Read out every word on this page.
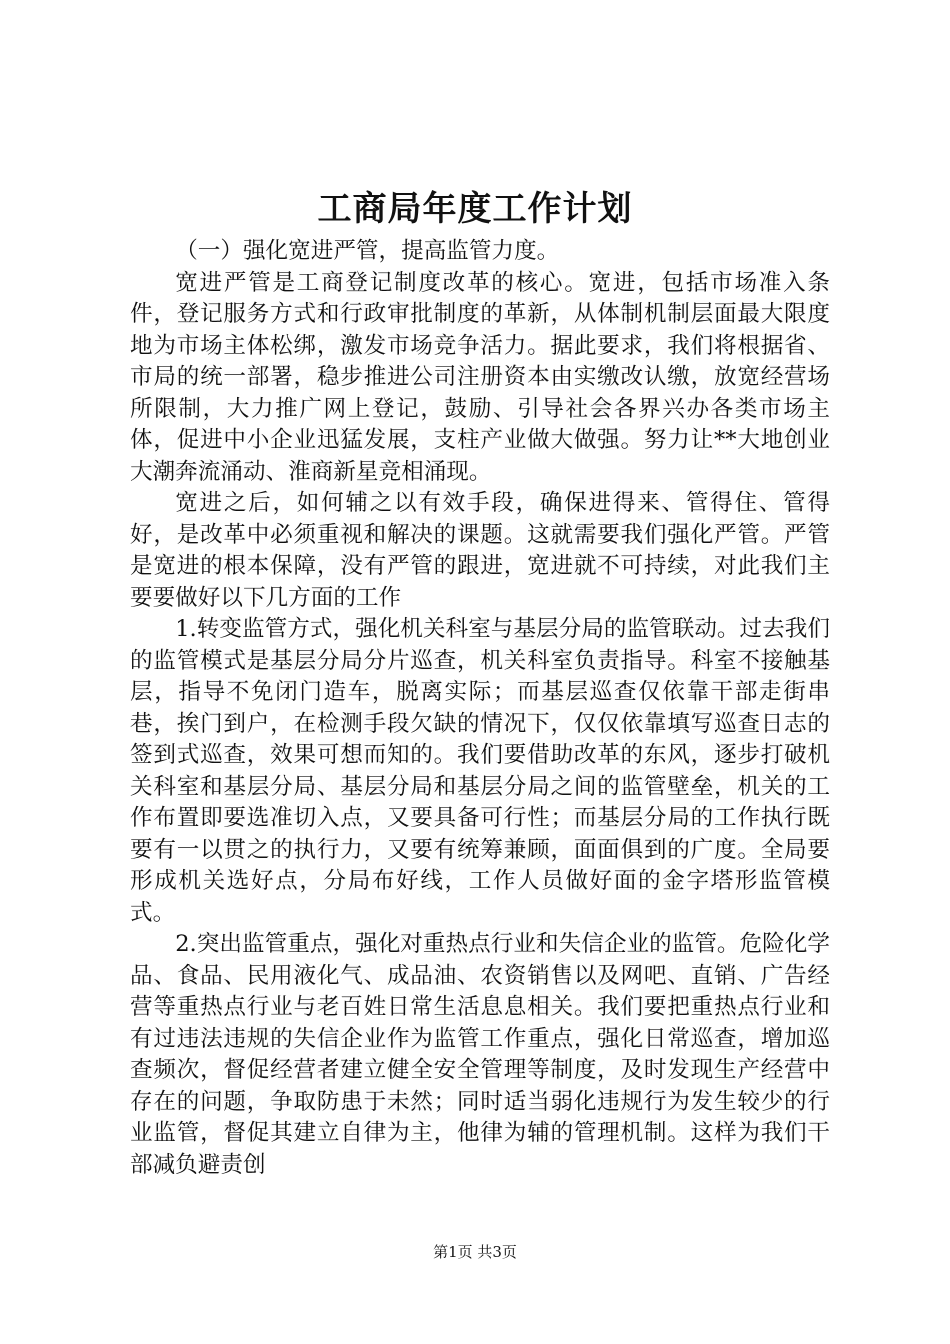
工商局年度工作计划

（一）强化宽进严管，提高监管力度。

宽进严管是工商登记制度改革的核心。宽进，包括市场准入条件，登记服务方式和行政审批制度的革新，从体制机制层面最大限度地为市场主体松绑，激发市场竞争活力。据此要求，我们将根据省、市局的统一部署，稳步推进公司注册资本由实缴改认缴，放宽经营场所限制，大力推广网上登记，鼓励、引导社会各界兴办各类市场主体，促进中小企业迅猛发展，支柱产业做大做强。努力让**大地创业大潮奔流涌动、淮商新星竞相涌现。

宽进之后，如何辅之以有效手段，确保进得来、管得住、管得好，是改革中必须重视和解决的课题。这就需要我们强化严管。严管是宽进的根本保障，没有严管的跟进，宽进就不可持续，对此我们主要要做好以下几方面的工作

1.转变监管方式，强化机关科室与基层分局的监管联动。过去我们的监管模式是基层分局分片巡查，机关科室负责指导。科室不接触基层，指导不免闭门造车，脱离实际；而基层巡查仅依靠干部走街串巷，挨门到户，在检测手段欠缺的情况下，仅仅依靠填写巡查日志的签到式巡查，效果可想而知的。我们要借助改革的东风，逐步打破机关科室和基层分局、基层分局和基层分局之间的监管壁垒，机关的工作布置即要选准切入点，又要具备可行性；而基层分局的工作执行既要有一以贯之的执行力，又要有统筹兼顾，面面俱到的广度。全局要形成机关选好点，分局布好线，工作人员做好面的金字塔形监管模式。

2.突出监管重点，强化对重热点行业和失信企业的监管。危险化学品、食品、民用液化气、成品油、农资销售以及网吧、直销、广告经营等重热点行业与老百姓日常生活息息相关。我们要把重热点行业和有过违法违规的失信企业作为监管工作重点，强化日常巡查，增加巡查频次，督促经营者建立健全安全管理等制度，及时发现生产经营中存在的问题，争取防患于未然；同时适当弱化违规行为发生较少的行业监管，督促其建立自律为主，他律为辅的管理机制。这样为我们干部减负避责创

第1页 共3页
